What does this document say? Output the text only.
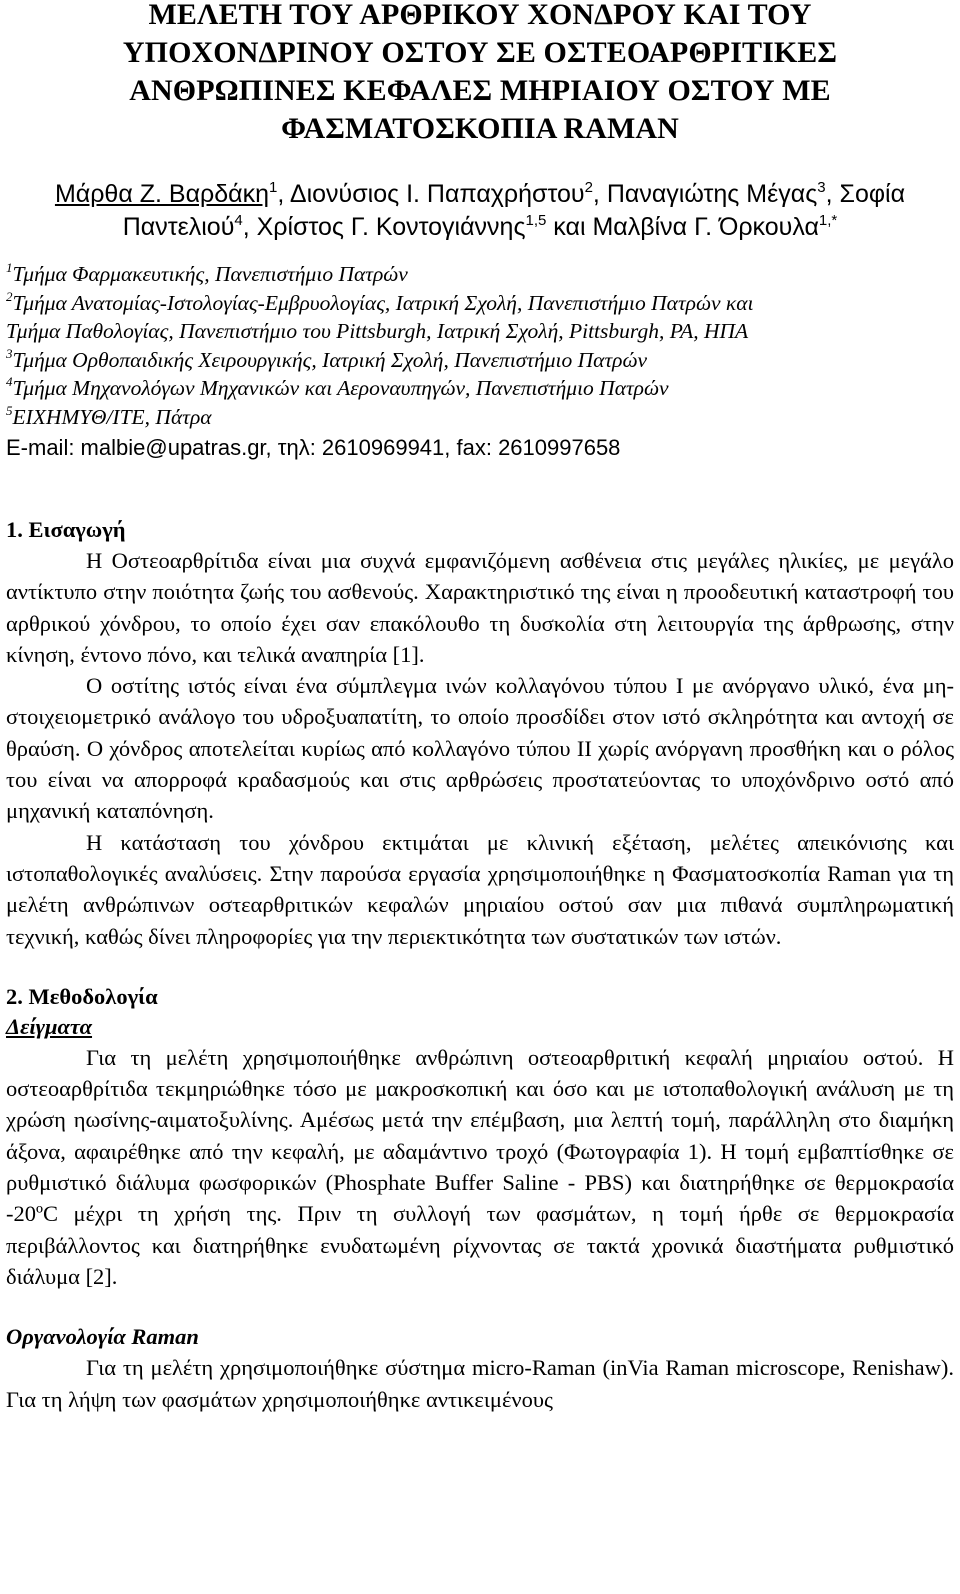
ΜΕΛΕΤΗ ΤΟΥ ΑΡΘΡΙΚΟΥ ΧΟΝΔΡΟΥ ΚΑΙ ΤΟΥ
ΥΠΟΧΟΝΔΡΙΝΟΥ ΟΣΤΟΥ ΣΕ ΟΣΤΕΟΑΡΘΡΙΤΙΚΕΣ
ΑΝΘΡΩΠΙΝΕΣ ΚΕΦΑΛΕΣ ΜΗΡΙΑΙΟΥ ΟΣΤΟΥ ΜΕ
ΦΑΣΜΑΤΟΣΚΟΠΙΑ RAMAN
Μάρθα Ζ. Βαρδάκη$^1$, Διονύσιος Ι. Παπαχρήστου$^2$, Παναγιώτης Μέγας$^3$, Σοφία
Παντελιού$^4$, Χρίστος Γ. Κοντογιάννης$^{1,5}$ και Μαλβίνα Γ. Όρκουλα$^{1,*}$
$^1$Τμήμα Φαρμακευτικής, Πανεπιστήμιο Πατρών
$^2$Τμήμα Ανατομίας-Ιστολογίας-Εμβρυολογίας, Ιατρική Σχολή, Πανεπιστήμιο Πατρών και
Τμήμα Παθολογίας, Πανεπιστήμιο του Pittsburgh, Ιατρική Σχολή, Pittsburgh, PA, ΗΠΑ
$^3$Τμήμα Ορθοπαιδικής Χειρουργικής, Ιατρική Σχολή, Πανεπιστήμιο Πατρών
$^4$Τμήμα Μηχανολόγων Μηχανικών και Αεροναυπηγών, Πανεπιστήμιο Πατρών
$^5$ΕΙΧΗΜΥΘ/ΙΤΕ, Πάτρα
E-mail: malbie@upatras.gr, τηλ: 2610969941, fax: 2610997658
1. Εισαγωγή

Η Οστεοαρθρίτιδα είναι μια συχνά εμφανιζόμενη ασθένεια στις μεγάλες ηλικίες, με μεγάλο αντίκτυπο στην ποιότητα ζωής του ασθενούς. Χαρακτηριστικό της είναι η προοδευτική καταστροφή του αρθρικού χόνδρου, το οποίο έχει σαν επακόλουθο τη δυσκολία στη λειτουργία της άρθρωσης, στην κίνηση, έντονο πόνο, και τελικά αναπηρία [1].

Ο οστίτης ιστός είναι ένα σύμπλεγμα ινών κολλαγόνου τύπου Ι με ανόργανο υλικό, ένα μη-στοιχειομετρικό ανάλογο του υδροξυαπατίτη, το οποίο προσδίδει στον ιστό σκληρότητα και αντοχή σε θραύση. Ο χόνδρος αποτελείται κυρίως από κολλαγόνο τύπου ΙΙ χωρίς ανόργανη προσθήκη και ο ρόλος του είναι να απορροφά κραδασμούς και στις αρθρώσεις προστατεύοντας το υποχόνδρινο οστό από μηχανική καταπόνηση.

Η κατάσταση του χόνδρου εκτιμάται με κλινική εξέταση, μελέτες απεικόνισης και ιστοπαθολογικές αναλύσεις. Στην παρούσα εργασία χρησιμοποιήθηκε η Φασματοσκοπία Raman για τη μελέτη ανθρώπινων οστεαρθριτικών κεφαλών μηριαίου οστού σαν μια πιθανά συμπληρωματική τεχνική, καθώς δίνει πληροφορίες για την περιεκτικότητα των συστατικών των ιστών.

2. Μεθοδολογία
Δείγματα

Για τη μελέτη χρησιμοποιήθηκε ανθρώπινη οστεοαρθριτική κεφαλή μηριαίου οστού. Η οστεοαρθρίτιδα τεκμηριώθηκε τόσο με μακροσκοπική και όσο και με ιστοπαθολογική ανάλυση με τη χρώση ηωσίνης-αιματοξυλίνης. Αμέσως μετά την επέμβαση, μια λεπτή τομή, παράλληλη στο διαμήκη άξονα, αφαιρέθηκε από την κεφαλή, με αδαμάντινο τροχό (Φωτογραφία 1). Η τομή εμβαπτίσθηκε σε ρυθμιστικό διάλυμα φωσφορικών (Phosphate Buffer Saline - PBS) και διατηρήθηκε σε θερμοκρασία -20ºC μέχρι τη χρήση της. Πριν τη συλλογή των φασμάτων, η τομή ήρθε σε θερμοκρασία περιβάλλοντος και διατηρήθηκε ενυδατωμένη ρίχνοντας σε τακτά χρονικά διαστήματα ρυθμιστικό διάλυμα [2].

Οργανολογία Raman

Για τη μελέτη χρησιμοποιήθηκε σύστημα micro-Raman (inVia Raman microscope, Renishaw). Για τη λήψη των φασμάτων χρησιμοποιήθηκε αντικειμένους
